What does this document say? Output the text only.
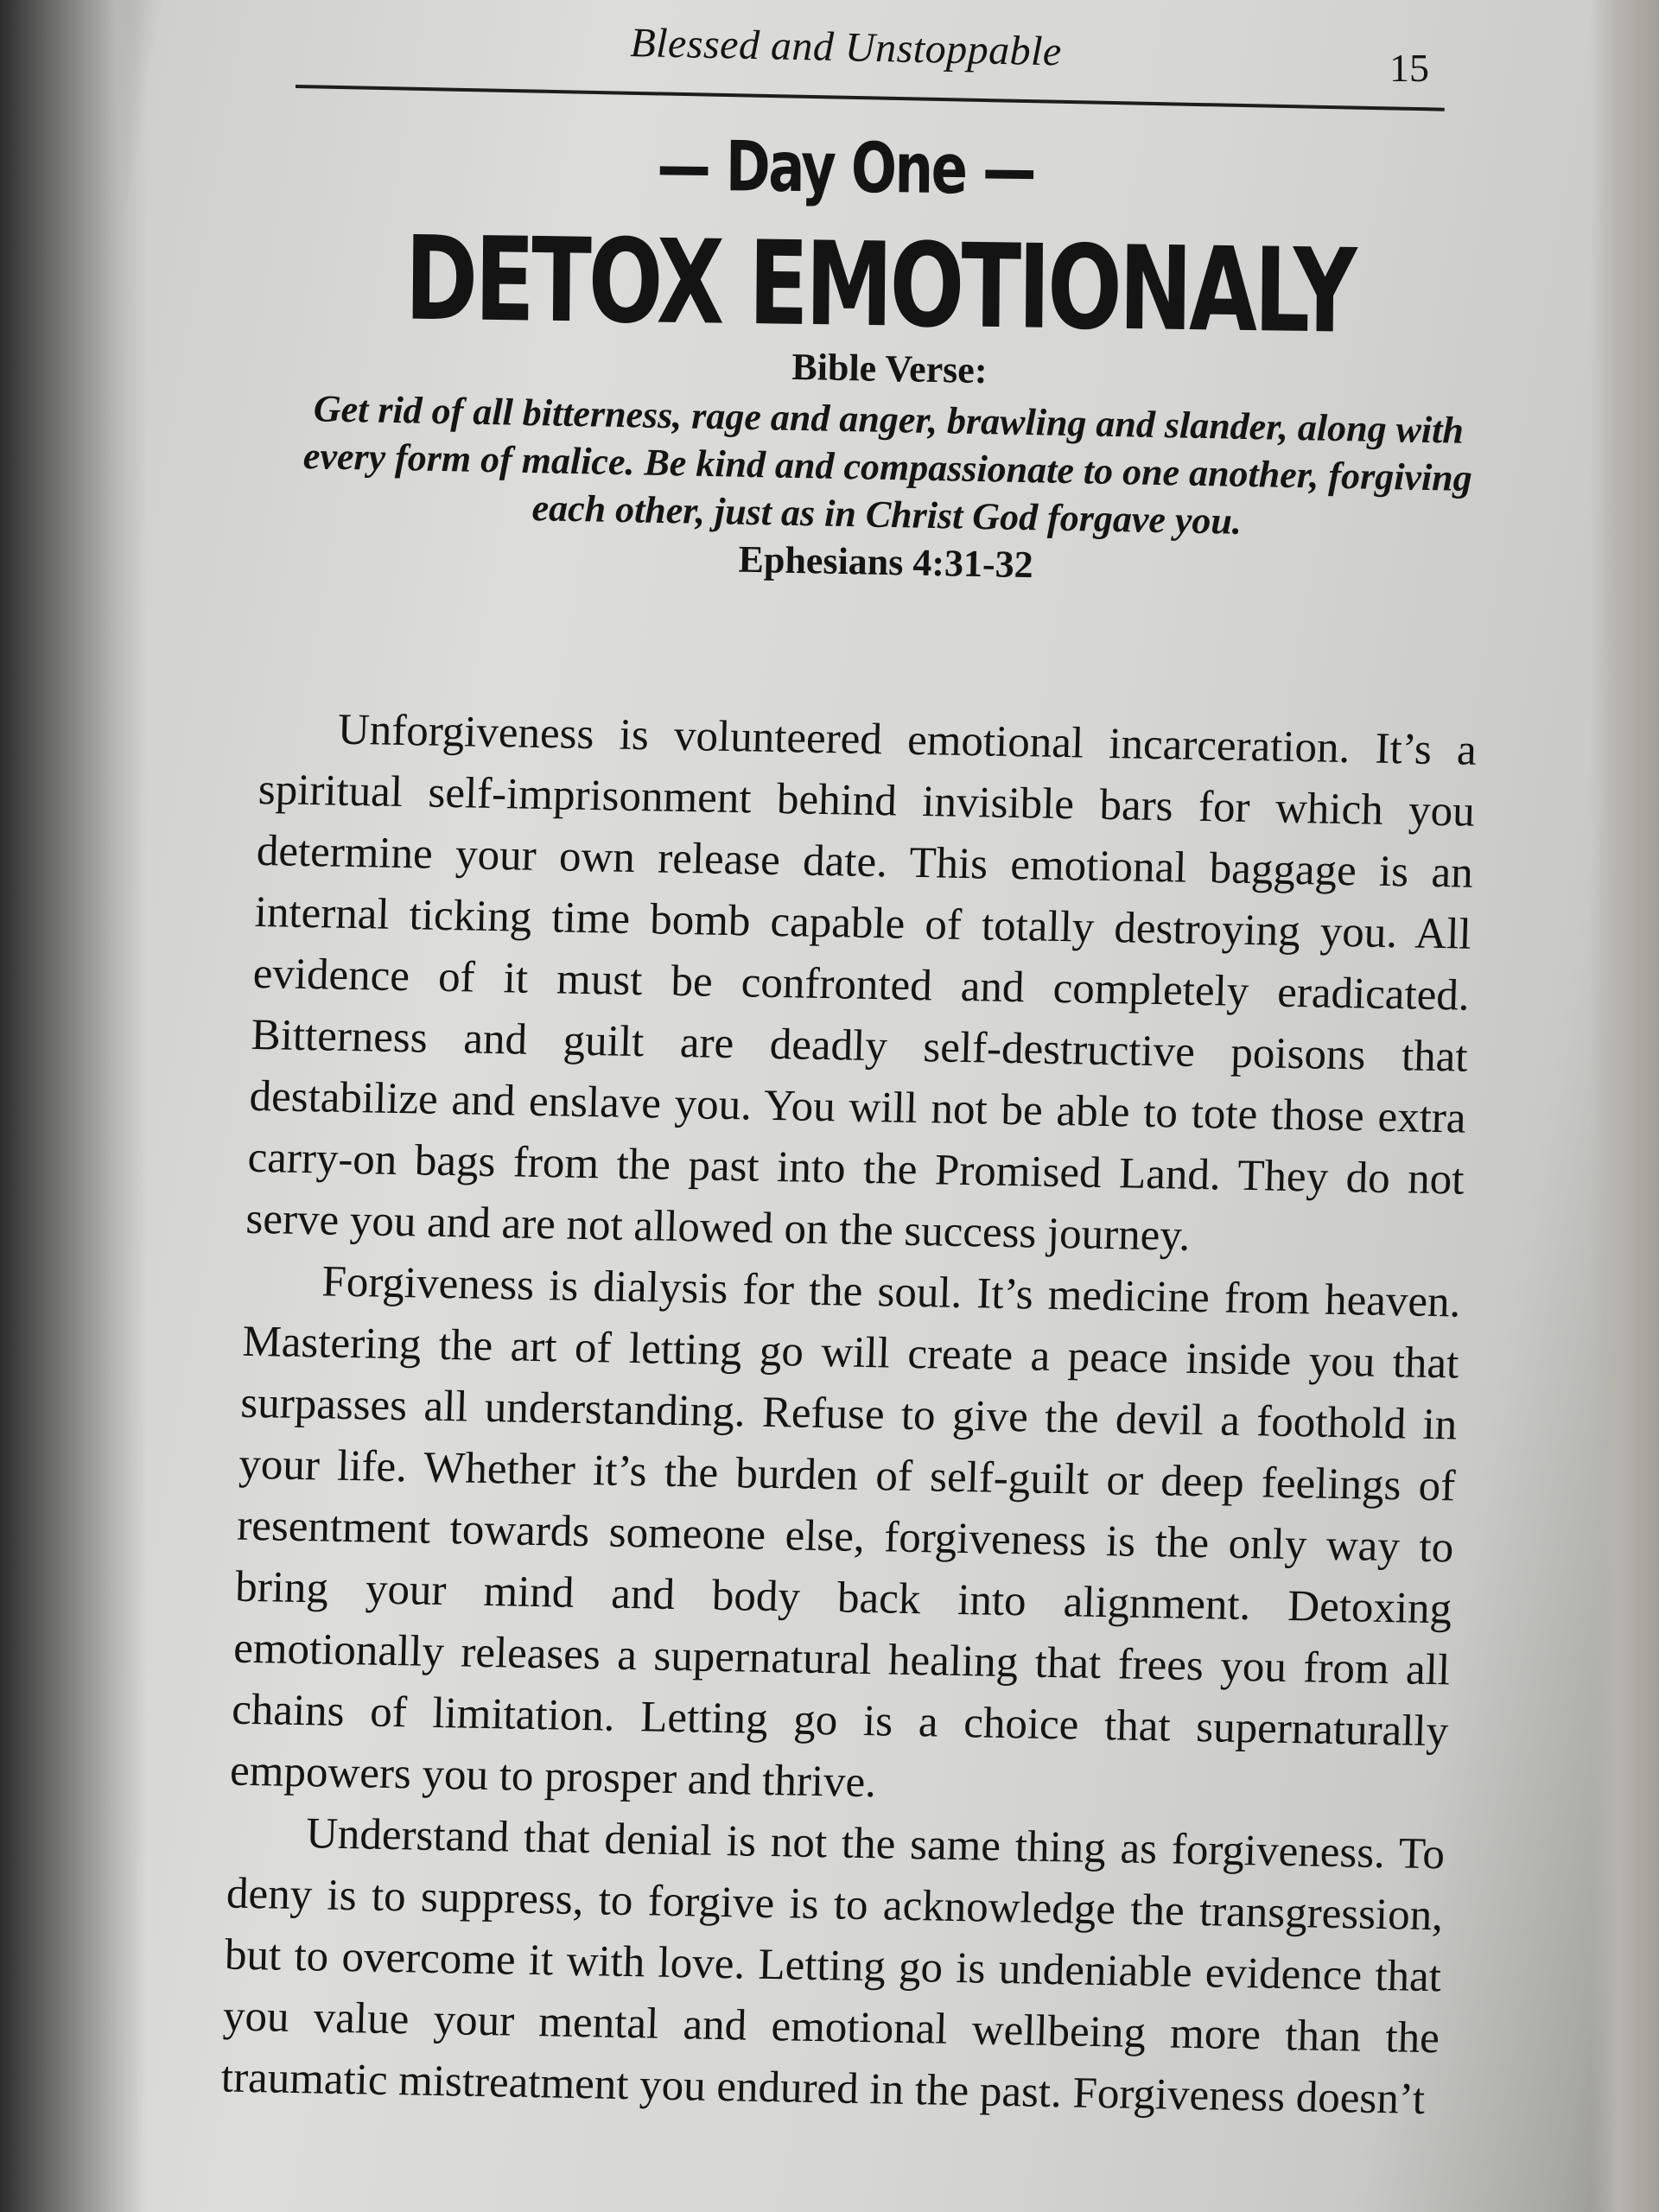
Blessed and Unstoppable	15
— Day One —
DETOX EMOTIONALY
Bible Verse:
Get rid of all bitterness, rage and anger, brawling and slander, along with every form of malice. Be kind and compassionate to one another, forgiving each other, just as in Christ God forgave you.
Ephesians 4:31-32

Unforgiveness is volunteered emotional incarceration. It’s a spiritual self-imprisonment behind invisible bars for which you determine your own release date. This emotional baggage is an internal ticking time bomb capable of totally destroying you. All evidence of it must be confronted and completely eradicated. Bitterness and guilt are deadly self-destructive poisons that destabilize and enslave you. You will not be able to tote those extra carry-on bags from the past into the Promised Land. They do not serve you and are not allowed on the success journey.

Forgiveness is dialysis for the soul. It’s medicine from heaven. Mastering the art of letting go will create a peace inside you that surpasses all understanding. Refuse to give the devil a foothold in your life. Whether it’s the burden of self-guilt or deep feelings of resentment towards someone else, forgiveness is the only way to bring your mind and body back into alignment. Detoxing emotionally releases a supernatural healing that frees you from all chains of limitation. Letting go is a choice that supernaturally empowers you to prosper and thrive.

Understand that denial is not the same thing as forgiveness. To deny is to suppress, to forgive is to acknowledge the transgression, but to overcome it with love. Letting go is undeniable evidence that you value your mental and emotional wellbeing more than the traumatic mistreatment you endured in the past. Forgiveness doesn’t
